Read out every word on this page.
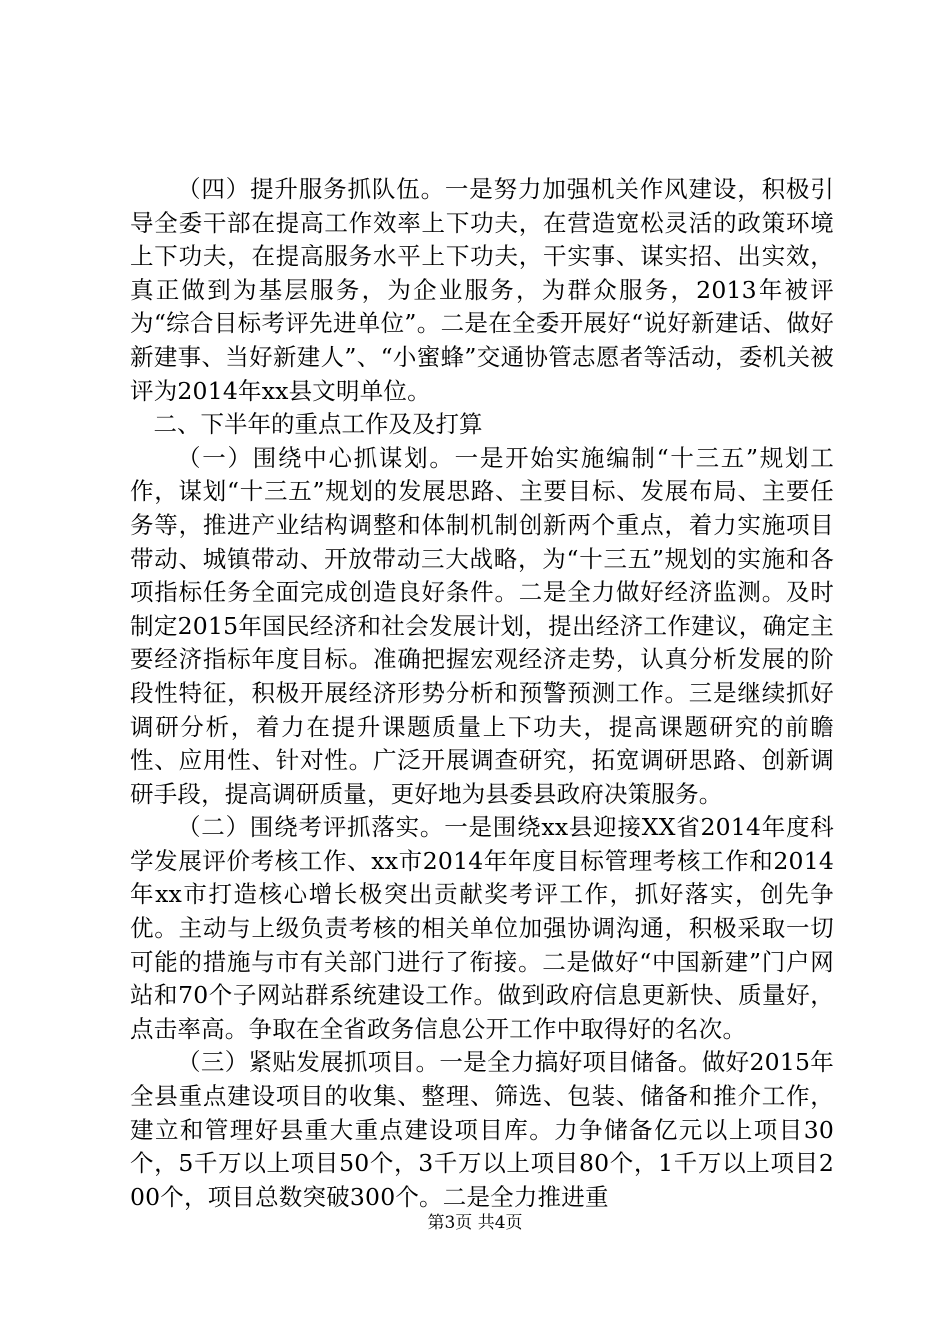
（四）提升服务抓队伍。一是努力加强机关作风建设，积极引导全委干部在提高工作效率上下功夫，在营造宽松灵活的政策环境上下功夫，在提高服务水平上下功夫，干实事、谋实招、出实效，真正做到为基层服务，为企业服务，为群众服务，2013年被评为“综合目标考评先进单位”。二是在全委开展好“说好新建话、做好新建事、当好新建人”、“小蜜蜂”交通协管志愿者等活动，委机关被评为2014年xx县文明单位。

二、下半年的重点工作及及打算

（一）围绕中心抓谋划。一是开始实施编制“十三五”规划工作，谋划“十三五”规划的发展思路、主要目标、发展布局、主要任务等，推进产业结构调整和体制机制创新两个重点，着力实施项目带动、城镇带动、开放带动三大战略，为“十三五”规划的实施和各项指标任务全面完成创造良好条件。二是全力做好经济监测。及时制定2015年国民经济和社会发展计划，提出经济工作建议，确定主要经济指标年度目标。准确把握宏观经济走势，认真分析发展的阶段性特征，积极开展经济形势分析和预警预测工作。三是继续抓好调研分析，着力在提升课题质量上下功夫，提高课题研究的前瞻性、应用性、针对性。广泛开展调查研究，拓宽调研思路、创新调研手段，提高调研质量，更好地为县委县政府决策服务。

（二）围绕考评抓落实。一是围绕xx县迎接XX省2014年度科学发展评价考核工作、xx市2014年年度目标管理考核工作和2014年xx市打造核心增长极突出贡献奖考评工作，抓好落实，创先争优。主动与上级负责考核的相关单位加强协调沟通，积极采取一切可能的措施与市有关部门进行了衔接。二是做好“中国新建”门户网站和70个子网站群系统建设工作。做到政府信息更新快、质量好，点击率高。争取在全省政务信息公开工作中取得好的名次。

（三）紧贴发展抓项目。一是全力搞好项目储备。做好2015年全县重点建设项目的收集、整理、筛选、包装、储备和推介工作，建立和管理好县重大重点建设项目库。力争储备亿元以上项目30个，5千万以上项目50个，3千万以上项目80个，1千万以上项目200个，项目总数突破300个。二是全力推进重

第3页 共4页
